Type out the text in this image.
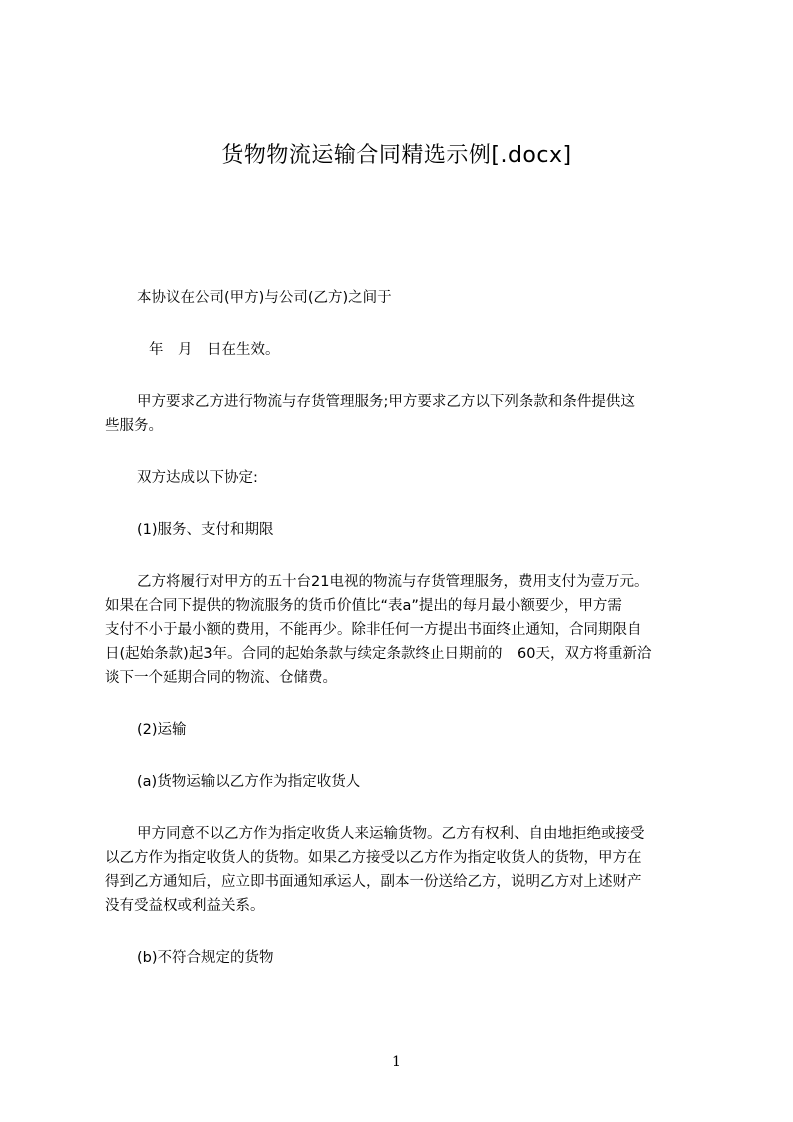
货物物流运输合同精选示例[.docx]
本协议在公司(甲方)与公司(乙方)之间于
年　月　日在生效。
甲方要求乙方进行物流与存货管理服务;甲方要求乙方以下列条款和条件提供这
些服务。
双方达成以下协定:
(1)服务、支付和期限
乙方将履行对甲方的五十台21电视的物流与存货管理服务，费用支付为壹万元。
如果在合同下提供的物流服务的货币价值比“表a”提出的每月最小额要少，甲方需
支付不小于最小额的费用，不能再少。除非任何一方提出书面终止通知，合同期限自
日(起始条款)起3年。合同的起始条款与续定条款终止日期前的　60天，双方将重新洽
谈下一个延期合同的物流、仓储费。
(2)运输
(a)货物运输以乙方作为指定收货人
甲方同意不以乙方作为指定收货人来运输货物。乙方有权利、自由地拒绝或接受
以乙方作为指定收货人的货物。如果乙方接受以乙方作为指定收货人的货物，甲方在
得到乙方通知后，应立即书面通知承运人，副本一份送给乙方，说明乙方对上述财产
没有受益权或利益关系。
(b)不符合规定的货物
1
